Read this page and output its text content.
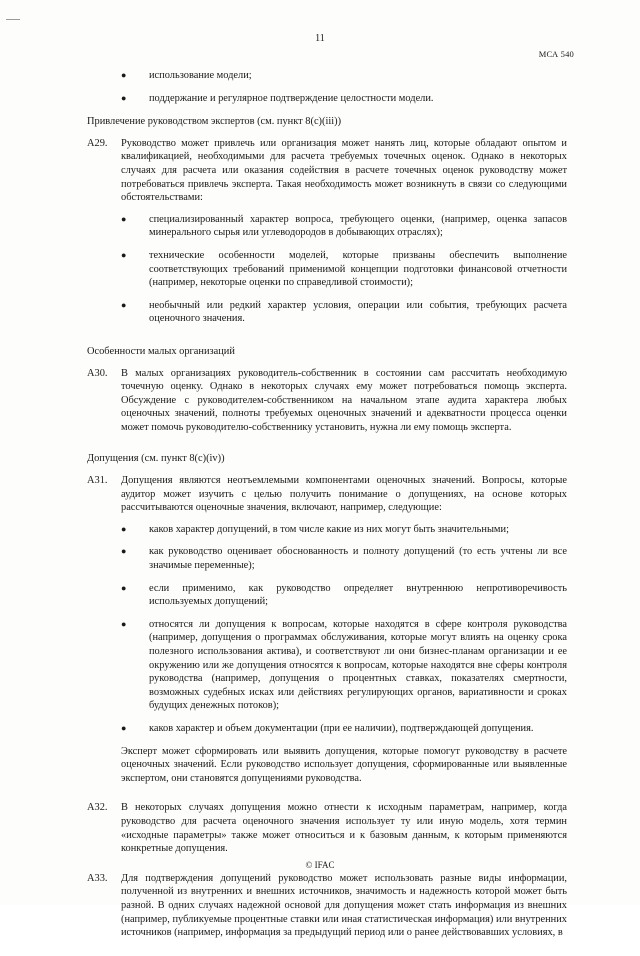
11
МСА 540
●	использование модели;
●	поддержание и регулярное подтверждение целостности модели.
Привлечение руководством экспертов (см. пункт 8(c)(iii))
A29.	Руководство может привлечь или организация может нанять лиц, которые обладают опытом и квалификацией, необходимыми для расчета требуемых точечных оценок. Однако в некоторых случаях для расчета или оказания содействия в расчете точечных оценок руководству может потребоваться привлечь эксперта. Такая необходимость может возникнуть в связи со следующими обстоятельствами:
●	специализированный характер вопроса, требующего оценки, (например, оценка запасов минерального сырья или углеводородов в добывающих отраслях);
●	технические особенности моделей, которые призваны обеспечить выполнение соответствующих требований применимой концепции подготовки финансовой отчетности (например, некоторые оценки по справедливой стоимости);
●	необычный или редкий характер условия, операции или события, требующих расчета оценочного значения.
Особенности малых организаций
A30.	В малых организациях руководитель-собственник в состоянии сам рассчитать необходимую точечную оценку. Однако в некоторых случаях ему может потребоваться помощь эксперта. Обсуждение с руководителем-собственником на начальном этапе аудита характера любых оценочных значений, полноты требуемых оценочных значений и адекватности процесса оценки может помочь руководителю-собственнику установить, нужна ли ему помощь эксперта.
Допущения (см. пункт 8(c)(iv))
A31.	Допущения являются неотъемлемыми компонентами оценочных значений. Вопросы, которые аудитор может изучить с целью получить понимание о допущениях, на основе которых рассчитываются оценочные значения, включают, например, следующие:
●	каков характер допущений, в том числе какие из них могут быть значительными;
●	как руководство оценивает обоснованность и полноту допущений (то есть учтены ли все значимые переменные);
●	если применимо, как руководство определяет внутреннюю непротиворечивость используемых допущений;
●	относятся ли допущения к вопросам, которые находятся в сфере контроля руководства (например, допущения о программах обслуживания, которые могут влиять на оценку срока полезного использования актива), и соответствуют ли они бизнес-планам организации и ее окружению или же допущения относятся к вопросам, которые находятся вне сферы контроля руководства (например, допущения о процентных ставках, показателях смертности, возможных судебных исках или действиях регулирующих органов, вариативности и сроках будущих денежных потоков);
●	каков характер и объем документации (при ее наличии), подтверждающей допущения.
Эксперт может сформировать или выявить допущения, которые помогут руководству в расчете оценочных значений. Если руководство использует допущения, сформированные или выявленные экспертом, они становятся допущениями руководства.
A32.	В некоторых случаях допущения можно отнести к исходным параметрам, например, когда руководство для расчета оценочного значения использует ту или иную модель, хотя термин «исходные параметры» также может относиться и к базовым данным, к которым применяются конкретные допущения.
A33.	Для подтверждения допущений руководство может использовать разные виды информации, полученной из внутренних и внешних источников, значимость и надежность которой может быть разной. В одних случаях надежной основой для допущения может стать информация из внешних (например, публикуемые процентные ставки или иная статистическая информация) или внутренних источников (например, информация за предыдущий период или о ранее действовавших условиях, в
© IFAC
